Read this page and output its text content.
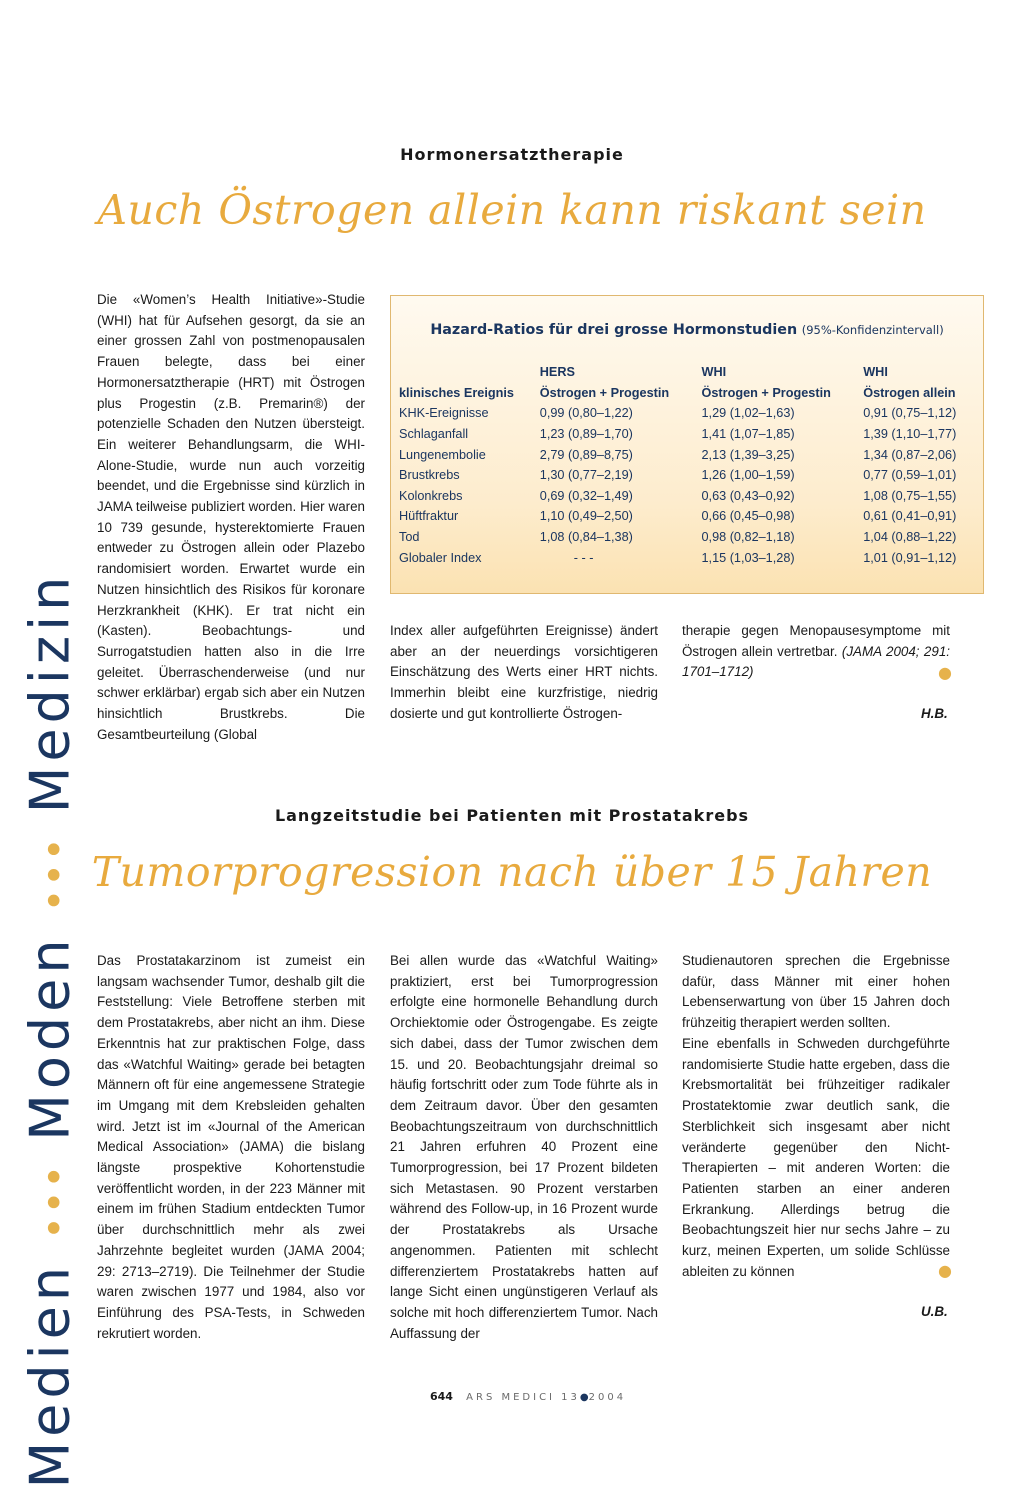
Medien ••• Moden ••• Medizin
Hormonersatztherapie
Auch Östrogen allein kann riskant sein

Die «Women’s Health Initiative»-Studie (WHI) hat für Aufsehen gesorgt, da sie an einer grossen Zahl von postmenopausalen Frauen belegte, dass bei einer Hormonersatztherapie (HRT) mit Östrogen plus Progestin (z.B. Premarin®) der potenzielle Schaden den Nutzen übersteigt. Ein weiterer Behandlungsarm, die WHI-Alone-Studie, wurde nun auch vorzeitig beendet, und die Ergebnisse sind kürzlich in JAMA teilweise publiziert worden. Hier waren 10 739 gesunde, hysterektomierte Frauen entweder zu Östrogen allein oder Plazebo randomisiert worden. Erwartet wurde ein Nutzen hinsichtlich des Risikos für koronare Herzkrankheit (KHK). Er trat nicht ein (Kasten). Beobachtungs- und Surrogatstudien hatten also in die Irre geleitet. Überraschenderweise (und nur schwer erklärbar) ergab sich aber ein Nutzen hinsichtlich Brustkrebs. Die Gesamtbeurteilung (Global

Hazard-Ratios für drei grosse Hormonstudien (95%-Konfidenzintervall)
	HERS	WHI	WHI
klinisches Ereignis	Östrogen + Progestin	Östrogen + Progestin	Östrogen allein
KHK-Ereignisse	0,99 (0,80–1,22)	1,29 (1,02–1,63)	0,91 (0,75–1,12)
Schlaganfall	1,23 (0,89–1,70)	1,41 (1,07–1,85)	1,39 (1,10–1,77)
Lungenembolie	2,79 (0,89–8,75)	2,13 (1,39–3,25)	1,34 (0,87–2,06)
Brustkrebs	1,30 (0,77–2,19)	1,26 (1,00–1,59)	0,77 (0,59–1,01)
Kolonkrebs	0,69 (0,32–1,49)	0,63 (0,43–0,92)	1,08 (0,75–1,55)
Hüftfraktur	1,10 (0,49–2,50)	0,66 (0,45–0,98)	0,61 (0,41–0,91)
Tod	1,08 (0,84–1,38)	0,98 (0,82–1,18)	1,04 (0,88–1,22)
Globaler Index	- - -	1,15 (1,03–1,28)	1,01 (0,91–1,12)

Index aller aufgeführten Ereignisse) ändert aber an der neuerdings vorsichtigeren Einschätzung des Werts einer HRT nichts. Immerhin bleibt eine kurzfristige, niedrig dosierte und gut kontrollierte Östrogen-

therapie gegen Menopausesymptome mit Östrogen allein vertretbar. (JAMA 2004; 291: 1701–1712)	●
H.B.
Langzeitstudie bei Patienten mit Prostatakrebs
Tumorprogression nach über 15 Jahren

Das Prostatakarzinom ist zumeist ein langsam wachsender Tumor, deshalb gilt die Feststellung: Viele Betroffene sterben mit dem Prostatakrebs, aber nicht an ihm. Diese Erkenntnis hat zur praktischen Folge, dass das «Watchful Waiting» gerade bei betagten Männern oft für eine angemessene Strategie im Umgang mit dem Krebsleiden gehalten wird. Jetzt ist im «Journal of the American Medical Association» (JAMA) die bislang längste prospektive Kohortenstudie veröffentlicht worden, in der 223 Männer mit einem im frühen Stadium entdeckten Tumor über durchschnittlich mehr als zwei Jahrzehnte begleitet wurden (JAMA 2004; 29: 2713–2719). Die Teilnehmer der Studie waren zwischen 1977 und 1984, also vor Einführung des PSA-Tests, in Schweden rekrutiert worden.

Bei allen wurde das «Watchful Waiting» praktiziert, erst bei Tumorprogression erfolgte eine hormonelle Behandlung durch Orchiektomie oder Östrogengabe. Es zeigte sich dabei, dass der Tumor zwischen dem 15. und 20. Beobachtungsjahr dreimal so häufig fortschritt oder zum Tode führte als in dem Zeitraum davor. Über den gesamten Beobachtungszeitraum von durchschnittlich 21 Jahren erfuhren 40 Prozent eine Tumorprogression, bei 17 Prozent bildeten sich Metastasen. 90 Prozent verstarben während des Follow-up, in 16 Prozent wurde der Prostatakrebs als Ursache angenommen. Patienten mit schlecht differenziertem Prostatakrebs hatten auf lange Sicht einen ungünstigeren Verlauf als solche mit hoch differenziertem Tumor. Nach Auffassung der

Studienautoren sprechen die Ergebnisse dafür, dass Männer mit einer hohen Lebenserwartung von über 15 Jahren doch frühzeitig therapiert werden sollten.

Eine ebenfalls in Schweden durchgeführte randomisierte Studie hatte ergeben, dass die Krebsmortalität bei frühzeitiger radikaler Prostatektomie zwar deutlich sank, die Sterblichkeit sich insgesamt aber nicht veränderte gegenüber den Nicht-Therapierten – mit anderen Worten: die Patienten starben an einer anderen Erkrankung. Allerdings betrug die Beobachtungszeit hier nur sechs Jahre – zu kurz, meinen Experten, um solide Schlüsse ableiten zu können	●
U.B.
644 ARS MEDICI 13●2004
